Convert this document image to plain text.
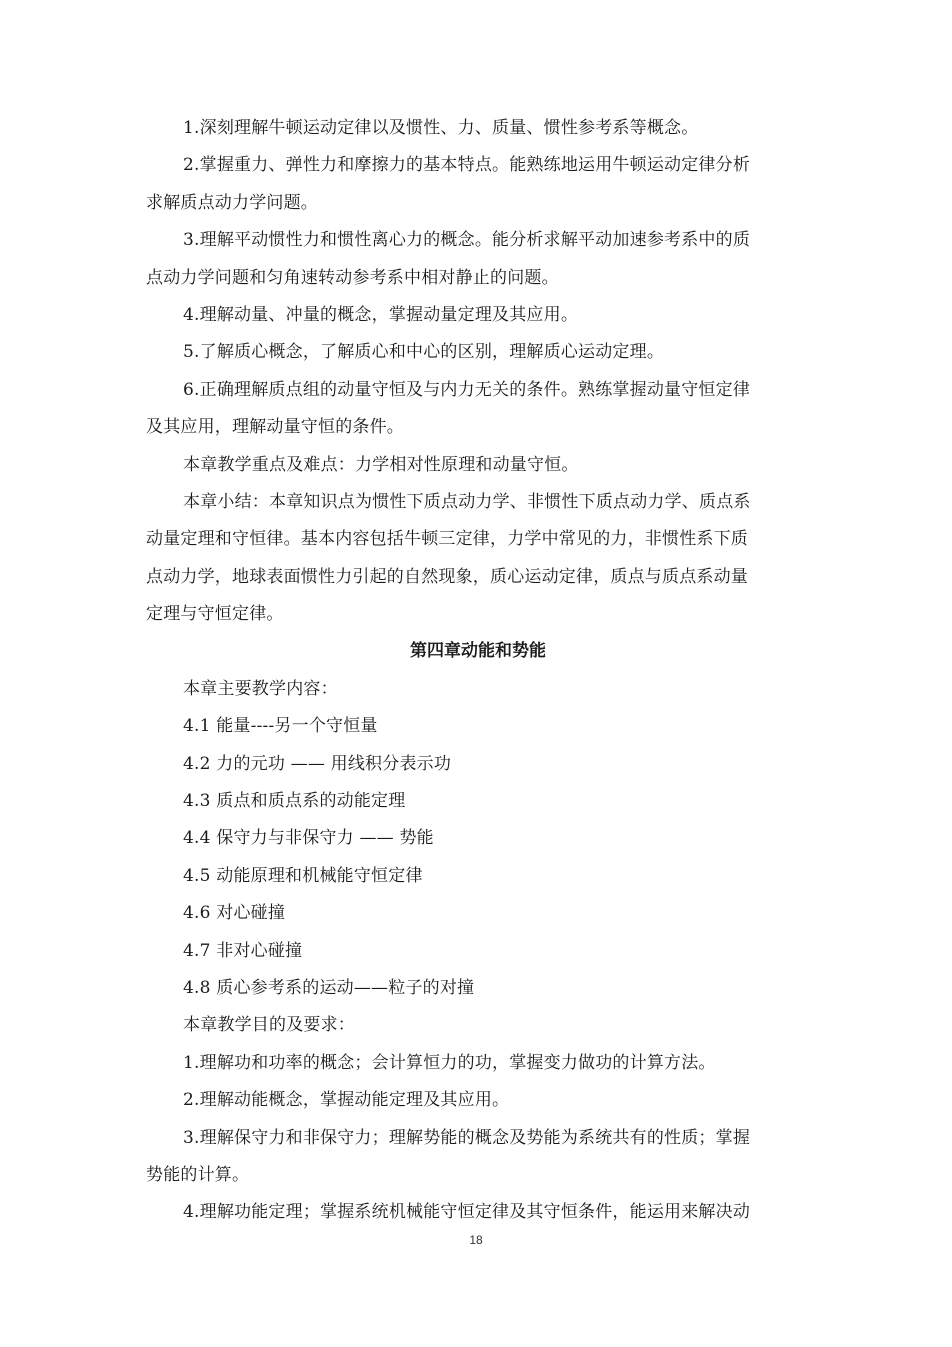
1.深刻理解牛顿运动定律以及惯性、力、质量、惯性参考系等概念。
2.掌握重力、弹性力和摩擦力的基本特点。能熟练地运用牛顿运动定律分析
求解质点动力学问题。
3.理解平动惯性力和惯性离心力的概念。能分析求解平动加速参考系中的质
点动力学问题和匀角速转动参考系中相对静止的问题。
4.理解动量、冲量的概念，掌握动量定理及其应用。
5.了解质心概念，了解质心和中心的区别，理解质心运动定理。
6.正确理解质点组的动量守恒及与内力无关的条件。熟练掌握动量守恒定律
及其应用，理解动量守恒的条件。
本章教学重点及难点：力学相对性原理和动量守恒。
本章小结：本章知识点为惯性下质点动力学、非惯性下质点动力学、质点系
动量定理和守恒律。基本内容包括牛顿三定律，力学中常见的力，非惯性系下质
点动力学，地球表面惯性力引起的自然现象，质心运动定律，质点与质点系动量
定理与守恒定律。
第四章动能和势能
本章主要教学内容：
4.1 能量----另一个守恒量
4.2 力的元功 —— 用线积分表示功
4.3 质点和质点系的动能定理
4.4 保守力与非保守力 —— 势能
4.5 动能原理和机械能守恒定律
4.6 对心碰撞
4.7 非对心碰撞
4.8 质心参考系的运动——粒子的对撞
本章教学目的及要求：
1.理解功和功率的概念；会计算恒力的功，掌握变力做功的计算方法。
2.理解动能概念，掌握动能定理及其应用。
3.理解保守力和非保守力；理解势能的概念及势能为系统共有的性质；掌握
势能的计算。
4.理解功能定理；掌握系统机械能守恒定律及其守恒条件，能运用来解决动
18
